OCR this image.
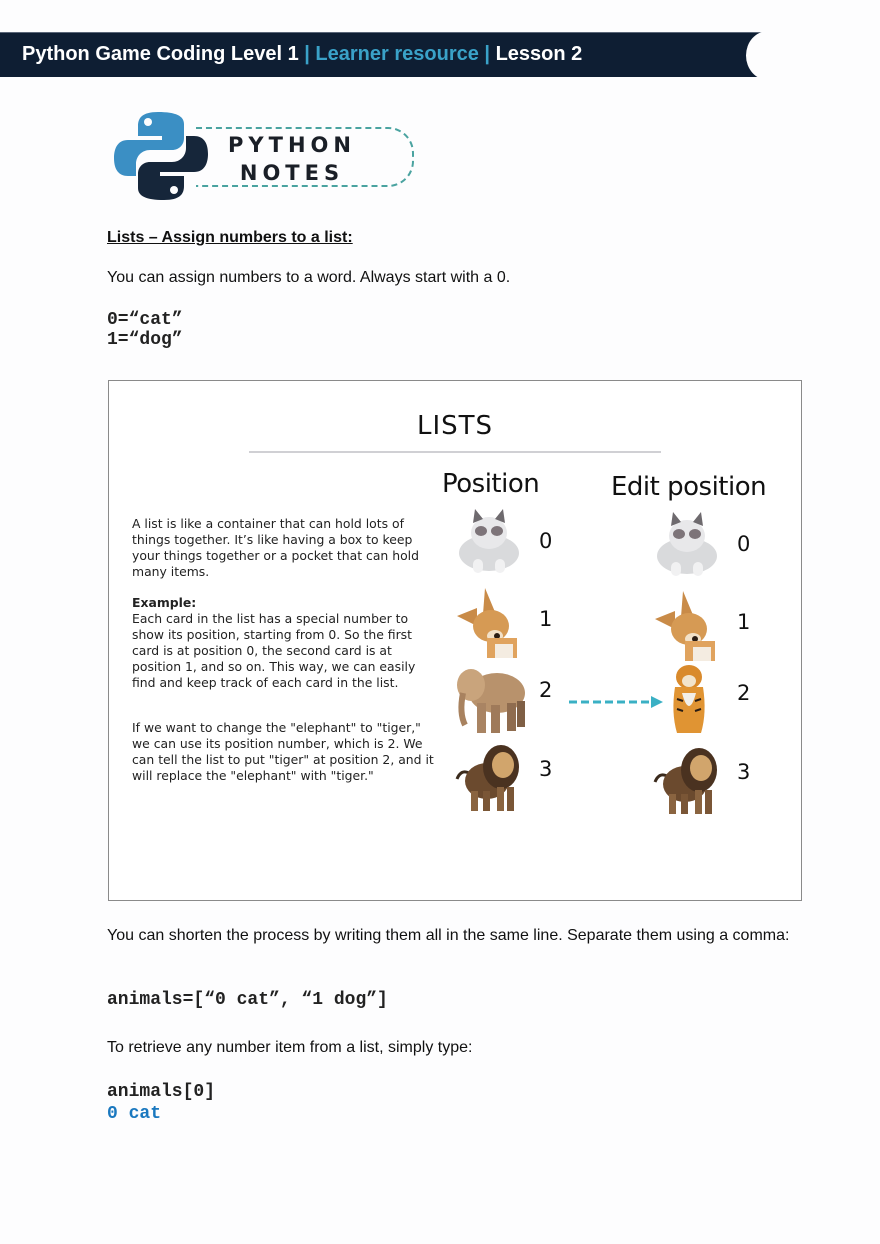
Python Game Coding Level 1 | Learner resource | Lesson 2
PYTHON
NOTES
Lists – Assign numbers to a list:
You can assign numbers to a word. Always start with a 0.
0=“cat”
1=“dog”
LISTS
Position	Edit position
A list is like a container that can hold lots of things together. It’s like having a box to keep your things together or a pocket that can hold many items.
Example:
Each card in the list has a special number to show its position, starting from 0. So the first card is at position 0, the second card is at position 1, and so on. This way, we can easily find and keep track of each card in the list.
If we want to change the "elephant" to "tiger," we can use its position number, which is 2. We can tell the list to put "tiger" at position 2, and it will replace the "elephant" with "tiger."
0
1
2
3
0
1
2
3
You can shorten the process by writing them all in the same line. Separate them using a comma:
animals=[“0 cat”, “1 dog”]
To retrieve any number item from a list, simply type:
animals[0]
0 cat
